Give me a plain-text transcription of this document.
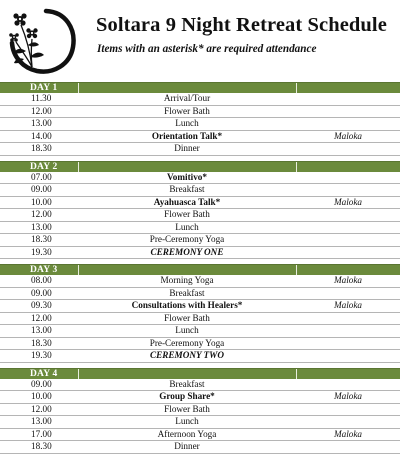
Soltara 9 Night Retreat Schedule
Items with an asterisk* are required attendance
DAY 1
11.30	Arrival/Tour
12.00	Flower Bath
13.00	Lunch
14.00	Orientation Talk*	Maloka
18.30	Dinner
DAY 2
07.00	Vomitivo*
09.00	Breakfast
10.00	Ayahuasca Talk*	Maloka
12.00	Flower Bath
13.00	Lunch
18.30	Pre-Ceremony Yoga
19.30	CEREMONY ONE
DAY 3
08.00	Morning Yoga	Maloka
09.00	Breakfast
09.30	Consultations with Healers*	Maloka
12.00	Flower Bath
13.00	Lunch
18.30	Pre-Ceremony Yoga
19.30	CEREMONY TWO
DAY 4
09.00	Breakfast
10.00	Group Share*	Maloka
12.00	Flower Bath
13.00	Lunch
17.00	Afternoon Yoga	Maloka
18.30	Dinner
